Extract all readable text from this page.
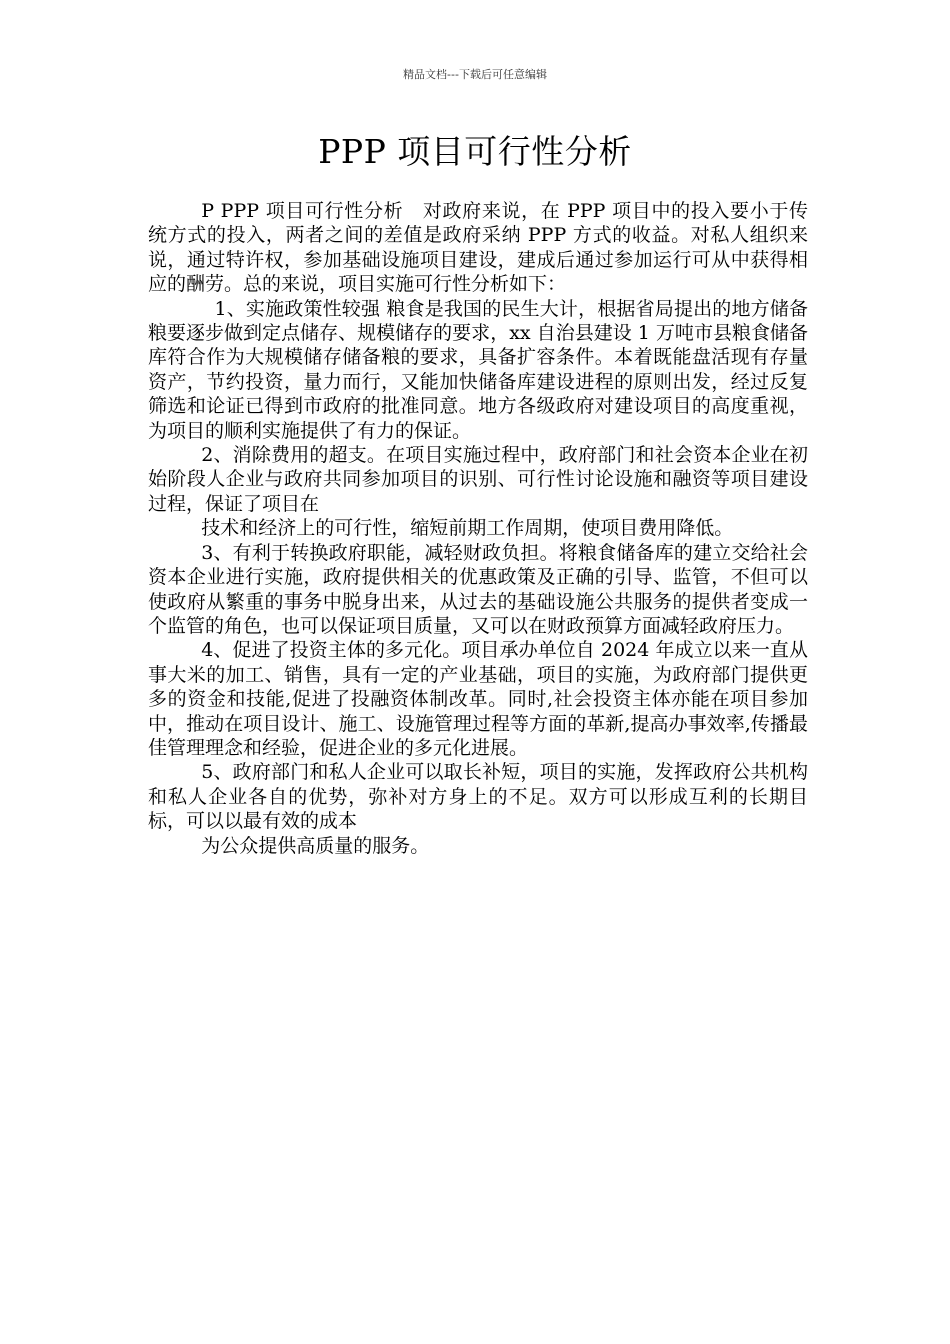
精品文档---下载后可任意编辑
PPP 项目可行性分析

P PPP 项目可行性分析　对政府来说，在 PPP 项目中的投入要小于传统方式的投入，两者之间的差值是政府采纳 PPP 方式的收益。对私人组织来说，通过特许权，参加基础设施项目建设，建成后通过参加运行可从中获得相应的酬劳。总的来说，项目实施可行性分析如下：

1、实施政策性较强 粮食是我国的民生大计，根据省局提出的地方储备粮要逐步做到定点储存、规模储存的要求，xx 自治县建设 1 万吨市县粮食储备库符合作为大规模储存储备粮的要求，具备扩容条件。本着既能盘活现有存量资产，节约投资，量力而行，又能加快储备库建设进程的原则出发，经过反复筛选和论证已得到市政府的批准同意。地方各级政府对建设项目的高度重视，为项目的顺利实施提供了有力的保证。

2、消除费用的超支。在项目实施过程中，政府部门和社会资本企业在初始阶段人企业与政府共同参加项目的识别、可行性讨论设施和融资等项目建设过程，保证了项目在

技术和经济上的可行性，缩短前期工作周期，使项目费用降低。

3、有利于转换政府职能，减轻财政负担。将粮食储备库的建立交给社会资本企业进行实施，政府提供相关的优惠政策及正确的引导、监管，不但可以使政府从繁重的事务中脱身出来，从过去的基础设施公共服务的提供者变成一个监管的角色，也可以保证项目质量，又可以在财政预算方面减轻政府压力。

4、促进了投资主体的多元化。项目承办单位自 2024 年成立以来一直从事大米的加工、销售，具有一定的产业基础，项目的实施，为政府部门提供更多的资金和技能,促进了投融资体制改革。同时,社会投资主体亦能在项目参加中，推动在项目设计、施工、设施管理过程等方面的革新,提高办事效率,传播最佳管理理念和经验，促进企业的多元化进展。

5、政府部门和私人企业可以取长补短，项目的实施，发挥政府公共机构和私人企业各自的优势，弥补对方身上的不足。双方可以形成互利的长期目标，可以以最有效的成本

为公众提供高质量的服务。
